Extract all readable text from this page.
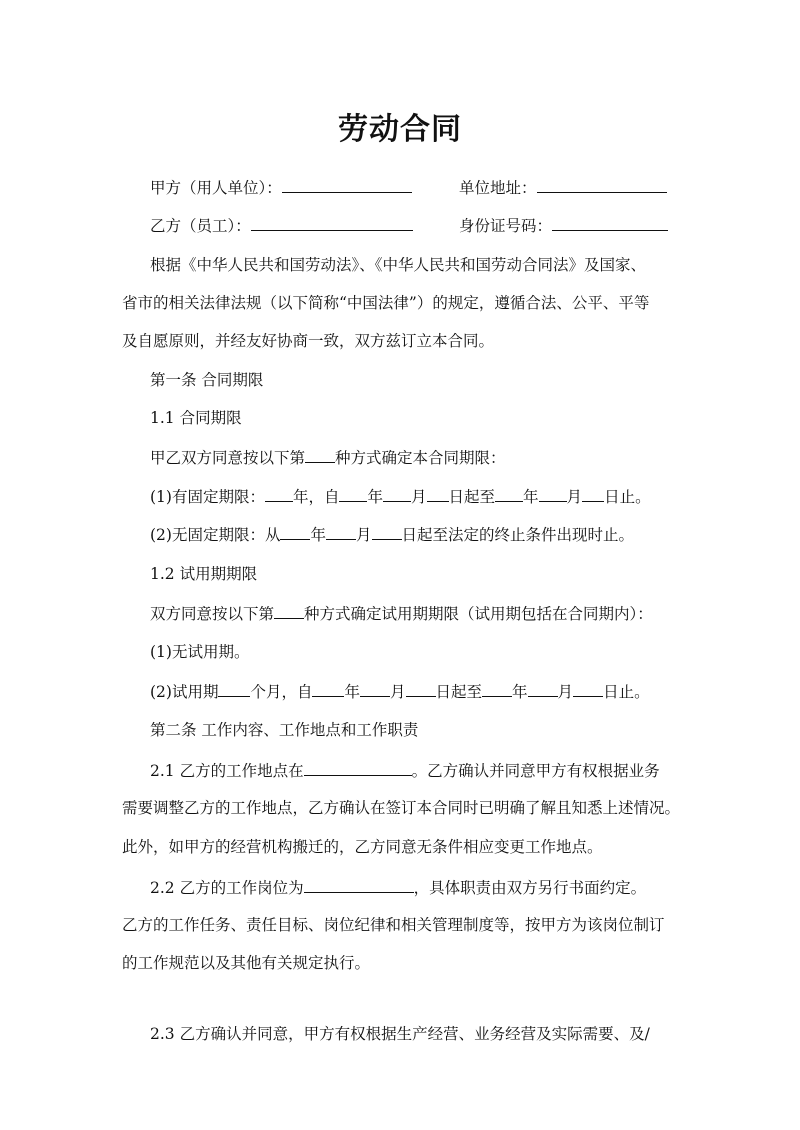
劳动合同
甲方（用人单位）：	单位地址：
乙方（员工）：	身份证号码：
根据《中华人民共和国劳动法》、《中华人民共和国劳动合同法》及国家、
省市的相关法律法规（以下简称“中国法律”）的规定，遵循合法、公平、平等
及自愿原则，并经友好协商一致，双方兹订立本合同。
第一条 合同期限
1.1 合同期限
甲乙双方同意按以下第 种方式确定本合同期限：
(1)有固定期限： 年，自 年 月 日起至 年 月 日止。
(2)无固定期限：从 年 月 日起至法定的终止条件出现时止。
1.2 试用期期限
双方同意按以下第 种方式确定试用期期限（试用期包括在合同期内）：
(1)无试用期。
(2)试用期 个月，自 年 月 日起至 年 月 日止。
第二条 工作内容、工作地点和工作职责
2.1 乙方的工作地点在	。乙方确认并同意甲方有权根据业务
需要调整乙方的工作地点，乙方确认在签订本合同时已明确了解且知悉上述情况。
此外，如甲方的经营机构搬迁的，乙方同意无条件相应变更工作地点。
2.2 乙方的工作岗位为	，具体职责由双方另行书面约定。
乙方的工作任务、责任目标、岗位纪律和相关管理制度等，按甲方为该岗位制订
的工作规范以及其他有关规定执行。
2.3 乙方确认并同意，甲方有权根据生产经营、业务经营及实际需要、及/
